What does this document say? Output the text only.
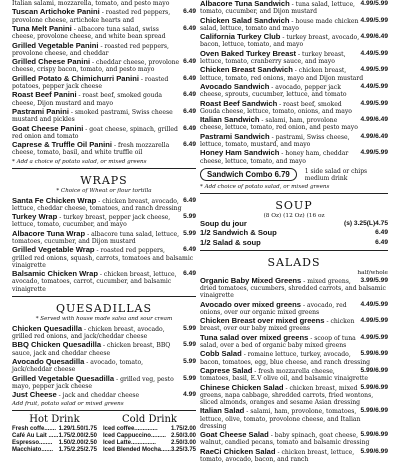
Italian salami, mozzarella, tomato, and pesto mayo
6.49
Tuscan Artichoke Panini - roasted red peppers, provolone cheese, artichoke hearts and
6.49
Tuna Melt Panini - albacore tuna salad, swiss cheese, provolone cheese, and white bean spread
Grilled Vegetable Panini - roasted red peppers, provolone cheese, and cheddar
6.49
Grilled Cheese Panini - cheddar cheese, provolone cheese, crispy bacon, tomato, and pesto mayo
6.49
Grilled Potato & Chimichurri Panini - roasted potatoes, pepper jack cheese
6.49
Roast Beef Panini - roast beef, smoked gouda cheese, Dijon mustard and mayo
6.49
Pastrami Panini - smoked pastrami, Swiss cheese mustard and pickles
6.49
Goat Cheese Panini - goat cheese, spinach, grilled red onion and tomato
6.49
Caprese & Truffle Oil Panini - fresh mozzarella cheese, tomato, basil, and white truffle oil
* Add a choice of potato salad, or mixed greens
WRAPS
* Choice of Wheat or flour tortilla
6.49
Santa Fe Chicken Wrap - chicken breast, avocado, lettuce, cheddar cheese, tomatoes, and ranch dressing
5.99
Turkey Wrap - turkey breast, pepper jack cheese, lettuce, tomato, cucumber, and mayo
5.99
Albacore Tuna Wrap - albacore tuna salad, lettuce, tomatoes, cucumber, and Dijon mustard
6.49
Grilled Vegetable Wrap - roasted red peppers, grilled red onions, squash, carrots, tomatoes and balsamic vinaigrette
6.49
Balsamic Chicken Wrap - chicken breast, lettuce, avocado, tomatoes, carrot, cucumber, and balsamic vinaigrette
QUESADILLAS
* Served with house made salsa and sour cream
5.99
Chicken Quesadilla - chicken breast, avocado, grilled red onions, and jack/cheddar cheese
5.99
BBQ Chicken Quesadilla - chicken breast, BBQ sauce, jack and cheddar cheese
5.99
Avocado Quesadilla - avocado, tomato, jack/cheddar cheese
5.99
Grilled Vegetable Quesadilla - grilled veg, pesto mayo, pepper jack cheese
4.99
Just Cheese - jack and cheddar cheese
Add fruit, potato salad or mixed greens
Hot Drink
Fresh coffe....... 1.29/1.50/1.75
Café Au Lait ...... 1.75/2.00/2.50
Espresso........ 1.50/2.00/2.50
Macchiato....... 1.75/2.25/2.75
Cold Drink
Iced coffee.............. 1.75/2.00
Iced Cappuccino......... 2.50/3.00
Iced Latte...............	2.50/3.00
Iced Blended Mocha...... 3.25/3.75
4.99/5.99
Albacore Tuna Sandwich - tuna salad, lettuce, tomato, cucumber, and Dijon mustard
4.99/5.99
Chicken Salad Sandwich - house made chicken salad, lettuce, tomato and mayo
4.99/6.49
California Turkey Club - turkey breast, avocado, bacon, lettuce, tomato, and mayo
4.49/5.99
Oven Baked Turkey Breast - turkey breast, lettuce, tomato, cranberry sauce, and mayo
4.99/5.99
Chicken Breast Sandwich - chicken breast, lettuce, tomato, red onions, mayo and Dijon mustard
4.49/5.99
Avocado Sandwich - avocado, pepper jack cheese, sprouts, cucumber, lettuce, and tomato
4.99/5.99
Roast Beef Sandwich - roast beef, smoked Gouda cheese, lettuce, tomato, onions, and mayo
4.99/6.49
Italian Sandwich - salami, ham, provolone cheese, lettuce, tomato, red onion, and pesto mayo
4.99/6.49
Pastrami Sandwich - pastrami, Swiss cheese, lettuce, tomato, mustard, and mayo
4.99/5.99
Honey Ham Sandwich - honey ham, cheddar cheese, lettuce, tomato, and mayo
Sandwich Combo 6.79	1 side salad or chips medium drink
* Add choice of potato salad, or mixed greens
SOUP
(8 Oz) (12 Oz) (16 oz
(s) 3.25(L)4.75
Soup du jour
6.49
1/2 Sandwich & Soup
6.49
1/2 Salad & soup
SALADS
half/whole
3.99/5.99
Organic Baby Mixed Greens - mixed greens, dried tomatoes, cucumbers, shredded carrots, and balsamic vinaigrette
4.49/5.99
Avocado over mixed greens - avocado, red onions, over our organic mixed greens
4.99/5.99
Chicken Breast over mixed greens - chicken breast, over our baby mixed greens
4.99/5.99
Tuna salad over mixed greens - scoop of tuna salad, over a bed of organic baby mixed greens
5.99/6.99
Cobb Salad - romaine lettuce, turkey, avocado, bacon, tomatoes, egg, blue cheese, and ranch dressing
5.99/6.99
Caprese Salad - fresh mozzarella cheese, tomatoes, basil, E.V olive oil, and balsamic vinaigrette
5.99/6.99
Chinese Chicken Salad - chicken breast, mixed greens, napa cabbage, shredded carrots, fried wontons, sliced almonds, oranges and sesame Asian dressing
5.99/6.99
Italian Salad - salami, ham, provolone, tomatoes, lettuce, olive, tomato, provolone cheese, and Italian dressing
5.99/6.99
Goat Cheese Salad - baby spinach, goat cheese, walnut, candied pecans, tomato and balsamic dressing
5.99/6.99
RaeCi Chicken Salad - chicken breast, lettuce, tomato, avocado, bacon, and ranch
